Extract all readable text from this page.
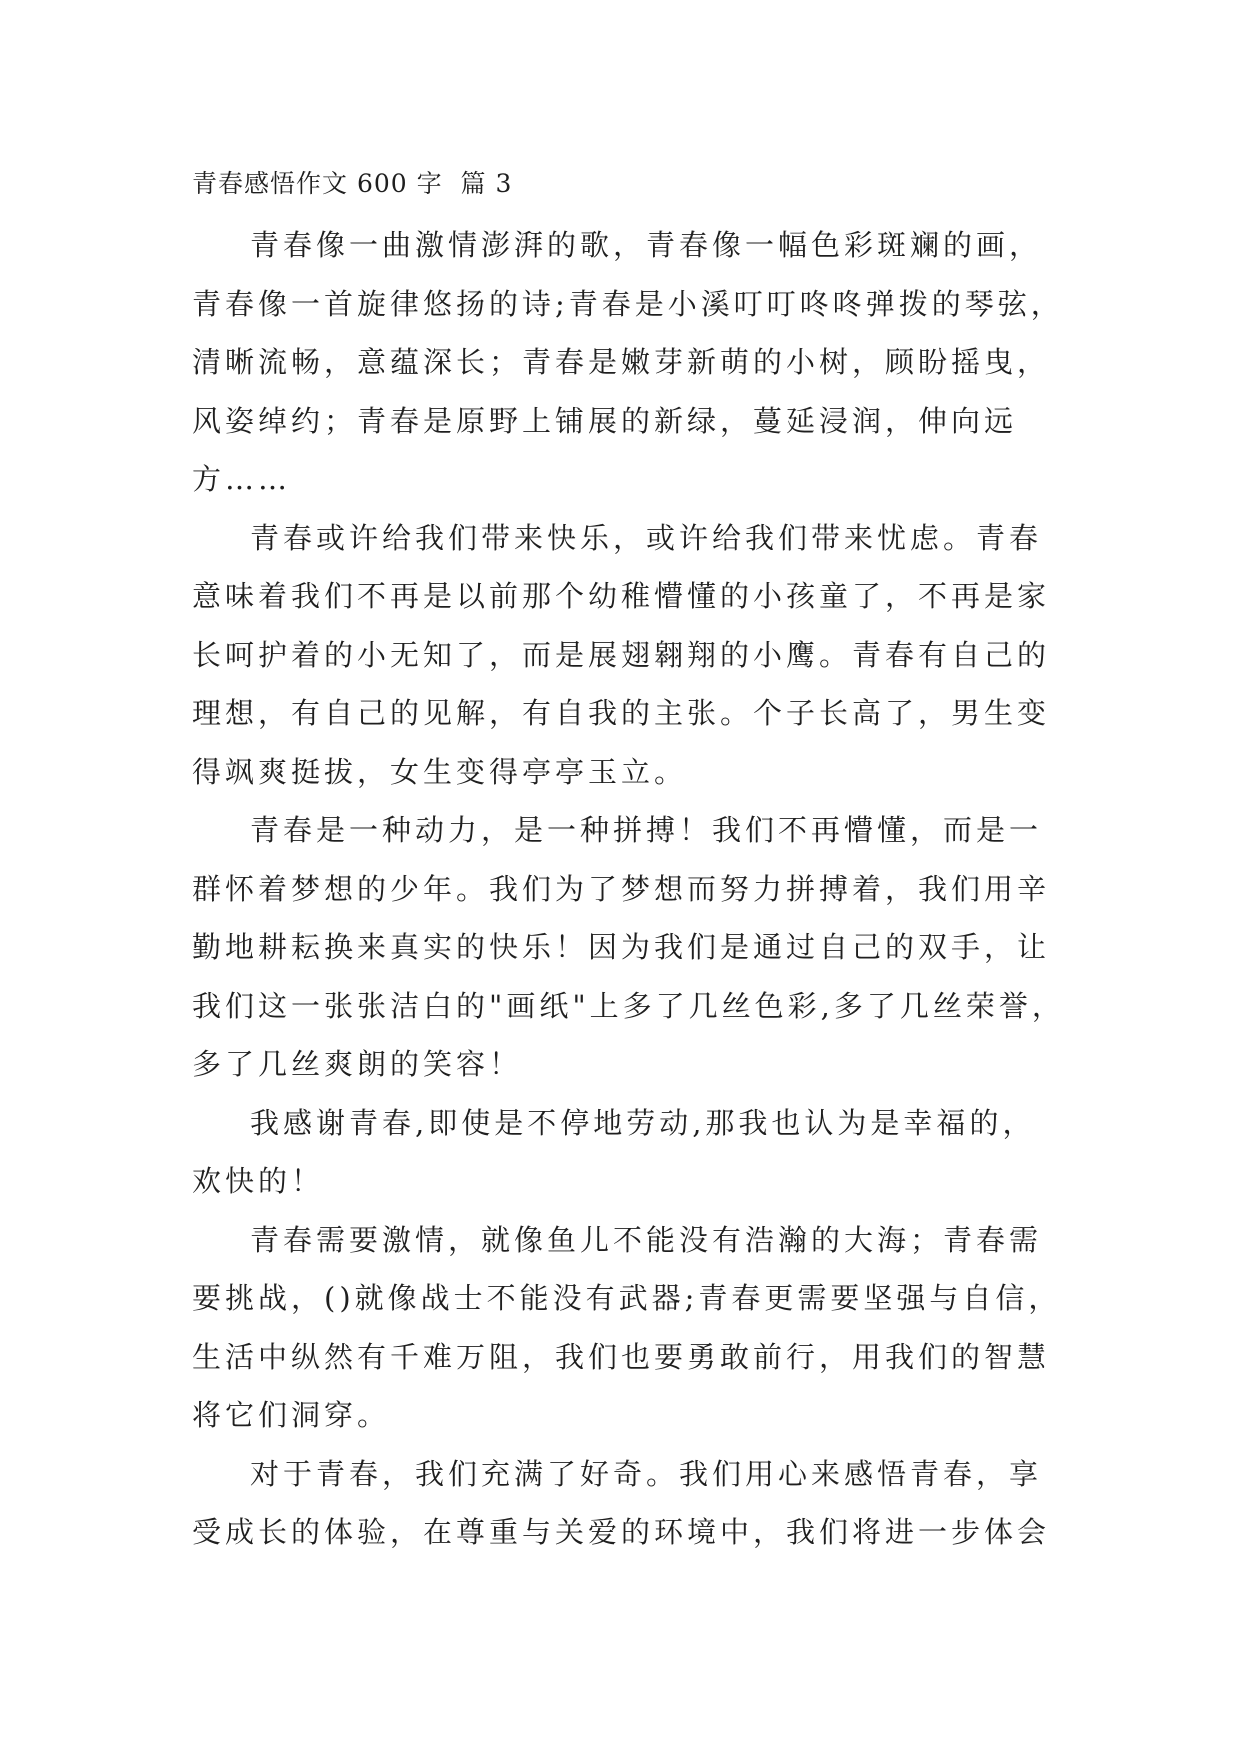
青春感悟作文 600 字  篇 3

青春像一曲激情澎湃的歌，青春像一幅色彩斑斓的画，
青春像一首旋律悠扬的诗;青春是小溪叮叮咚咚弹拨的琴弦，
清晰流畅，意蕴深长；青春是嫩芽新萌的小树，顾盼摇曳，
风姿绰约；青春是原野上铺展的新绿，蔓延浸润，伸向远
方……

青春或许给我们带来快乐，或许给我们带来忧虑。青春
意味着我们不再是以前那个幼稚懵懂的小孩童了，不再是家
长呵护着的小无知了，而是展翅翱翔的小鹰。青春有自己的
理想，有自己的见解，有自我的主张。个子长高了，男生变
得飒爽挺拔，女生变得亭亭玉立。

青春是一种动力，是一种拼搏！我们不再懵懂，而是一
群怀着梦想的少年。我们为了梦想而努力拼搏着，我们用辛
勤地耕耘换来真实的快乐！因为我们是通过自己的双手，让
我们这一张张洁白的"画纸"上多了几丝色彩,多了几丝荣誉，
多了几丝爽朗的笑容！

我感谢青春,即使是不停地劳动,那我也认为是幸福的，
欢快的！

青春需要激情，就像鱼儿不能没有浩瀚的大海；青春需
要挑战，()就像战士不能没有武器;青春更需要坚强与自信，
生活中纵然有千难万阻，我们也要勇敢前行，用我们的智慧
将它们洞穿。

对于青春，我们充满了好奇。我们用心来感悟青春，享
受成长的体验，在尊重与关爱的环境中，我们将进一步体会
